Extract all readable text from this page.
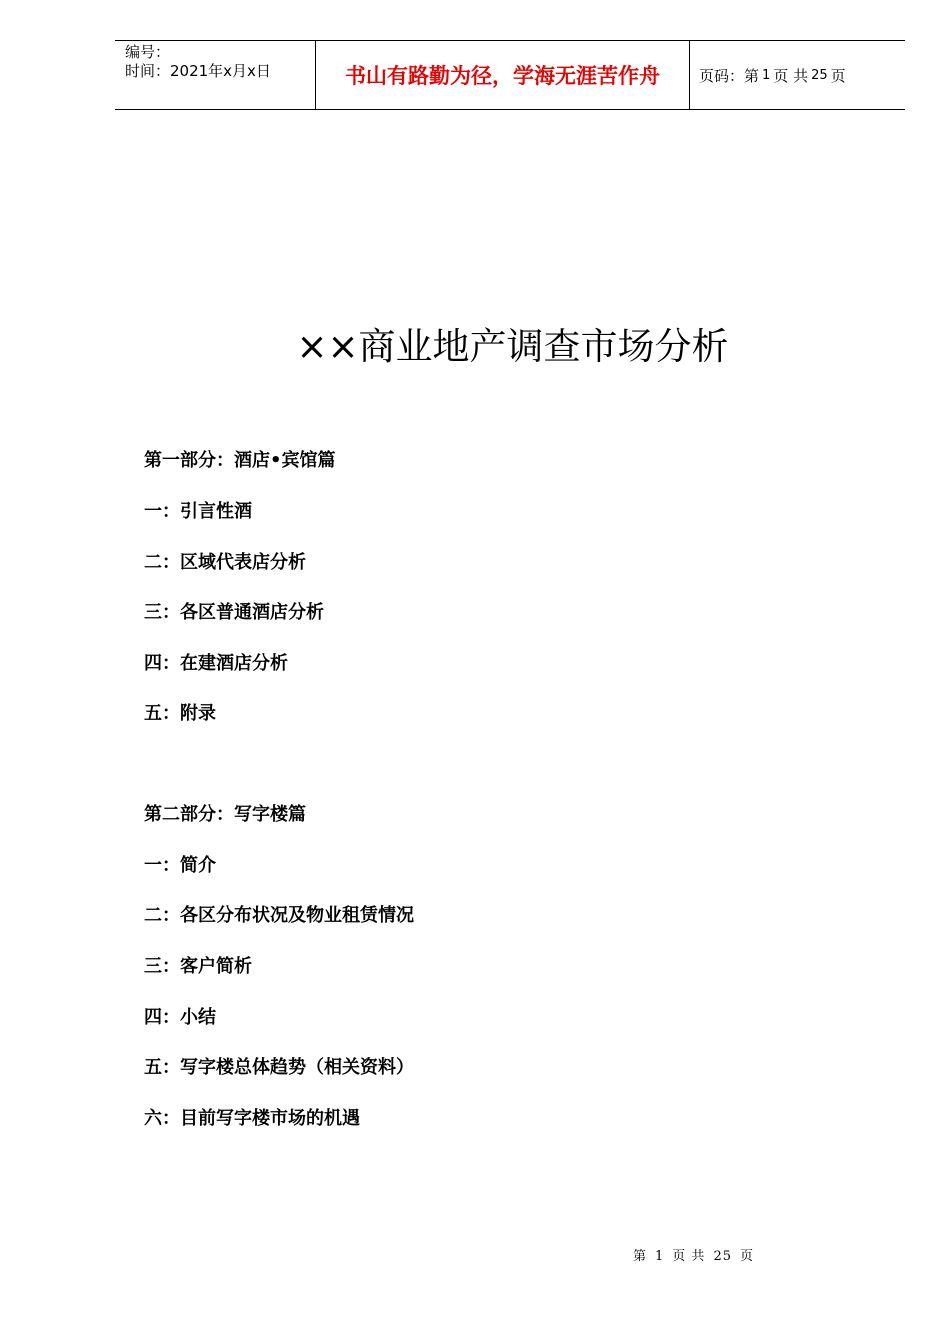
编号：
时间：2021年x月x日	书山有路勤为径，学海无涯苦作舟	页码：第 1 页 共 25 页
××商业地产调查市场分析
第一部分：酒店•宾馆篇
一：引言性酒
二：区域代表店分析
三：各区普通酒店分析
四：在建酒店分析
五：附录
第二部分：写字楼篇
一：简介
二：各区分布状况及物业租赁情况
三：客户简析
四：小结
五：写字楼总体趋势（相关资料）
六：目前写字楼市场的机遇
第 1 页 共 25 页
